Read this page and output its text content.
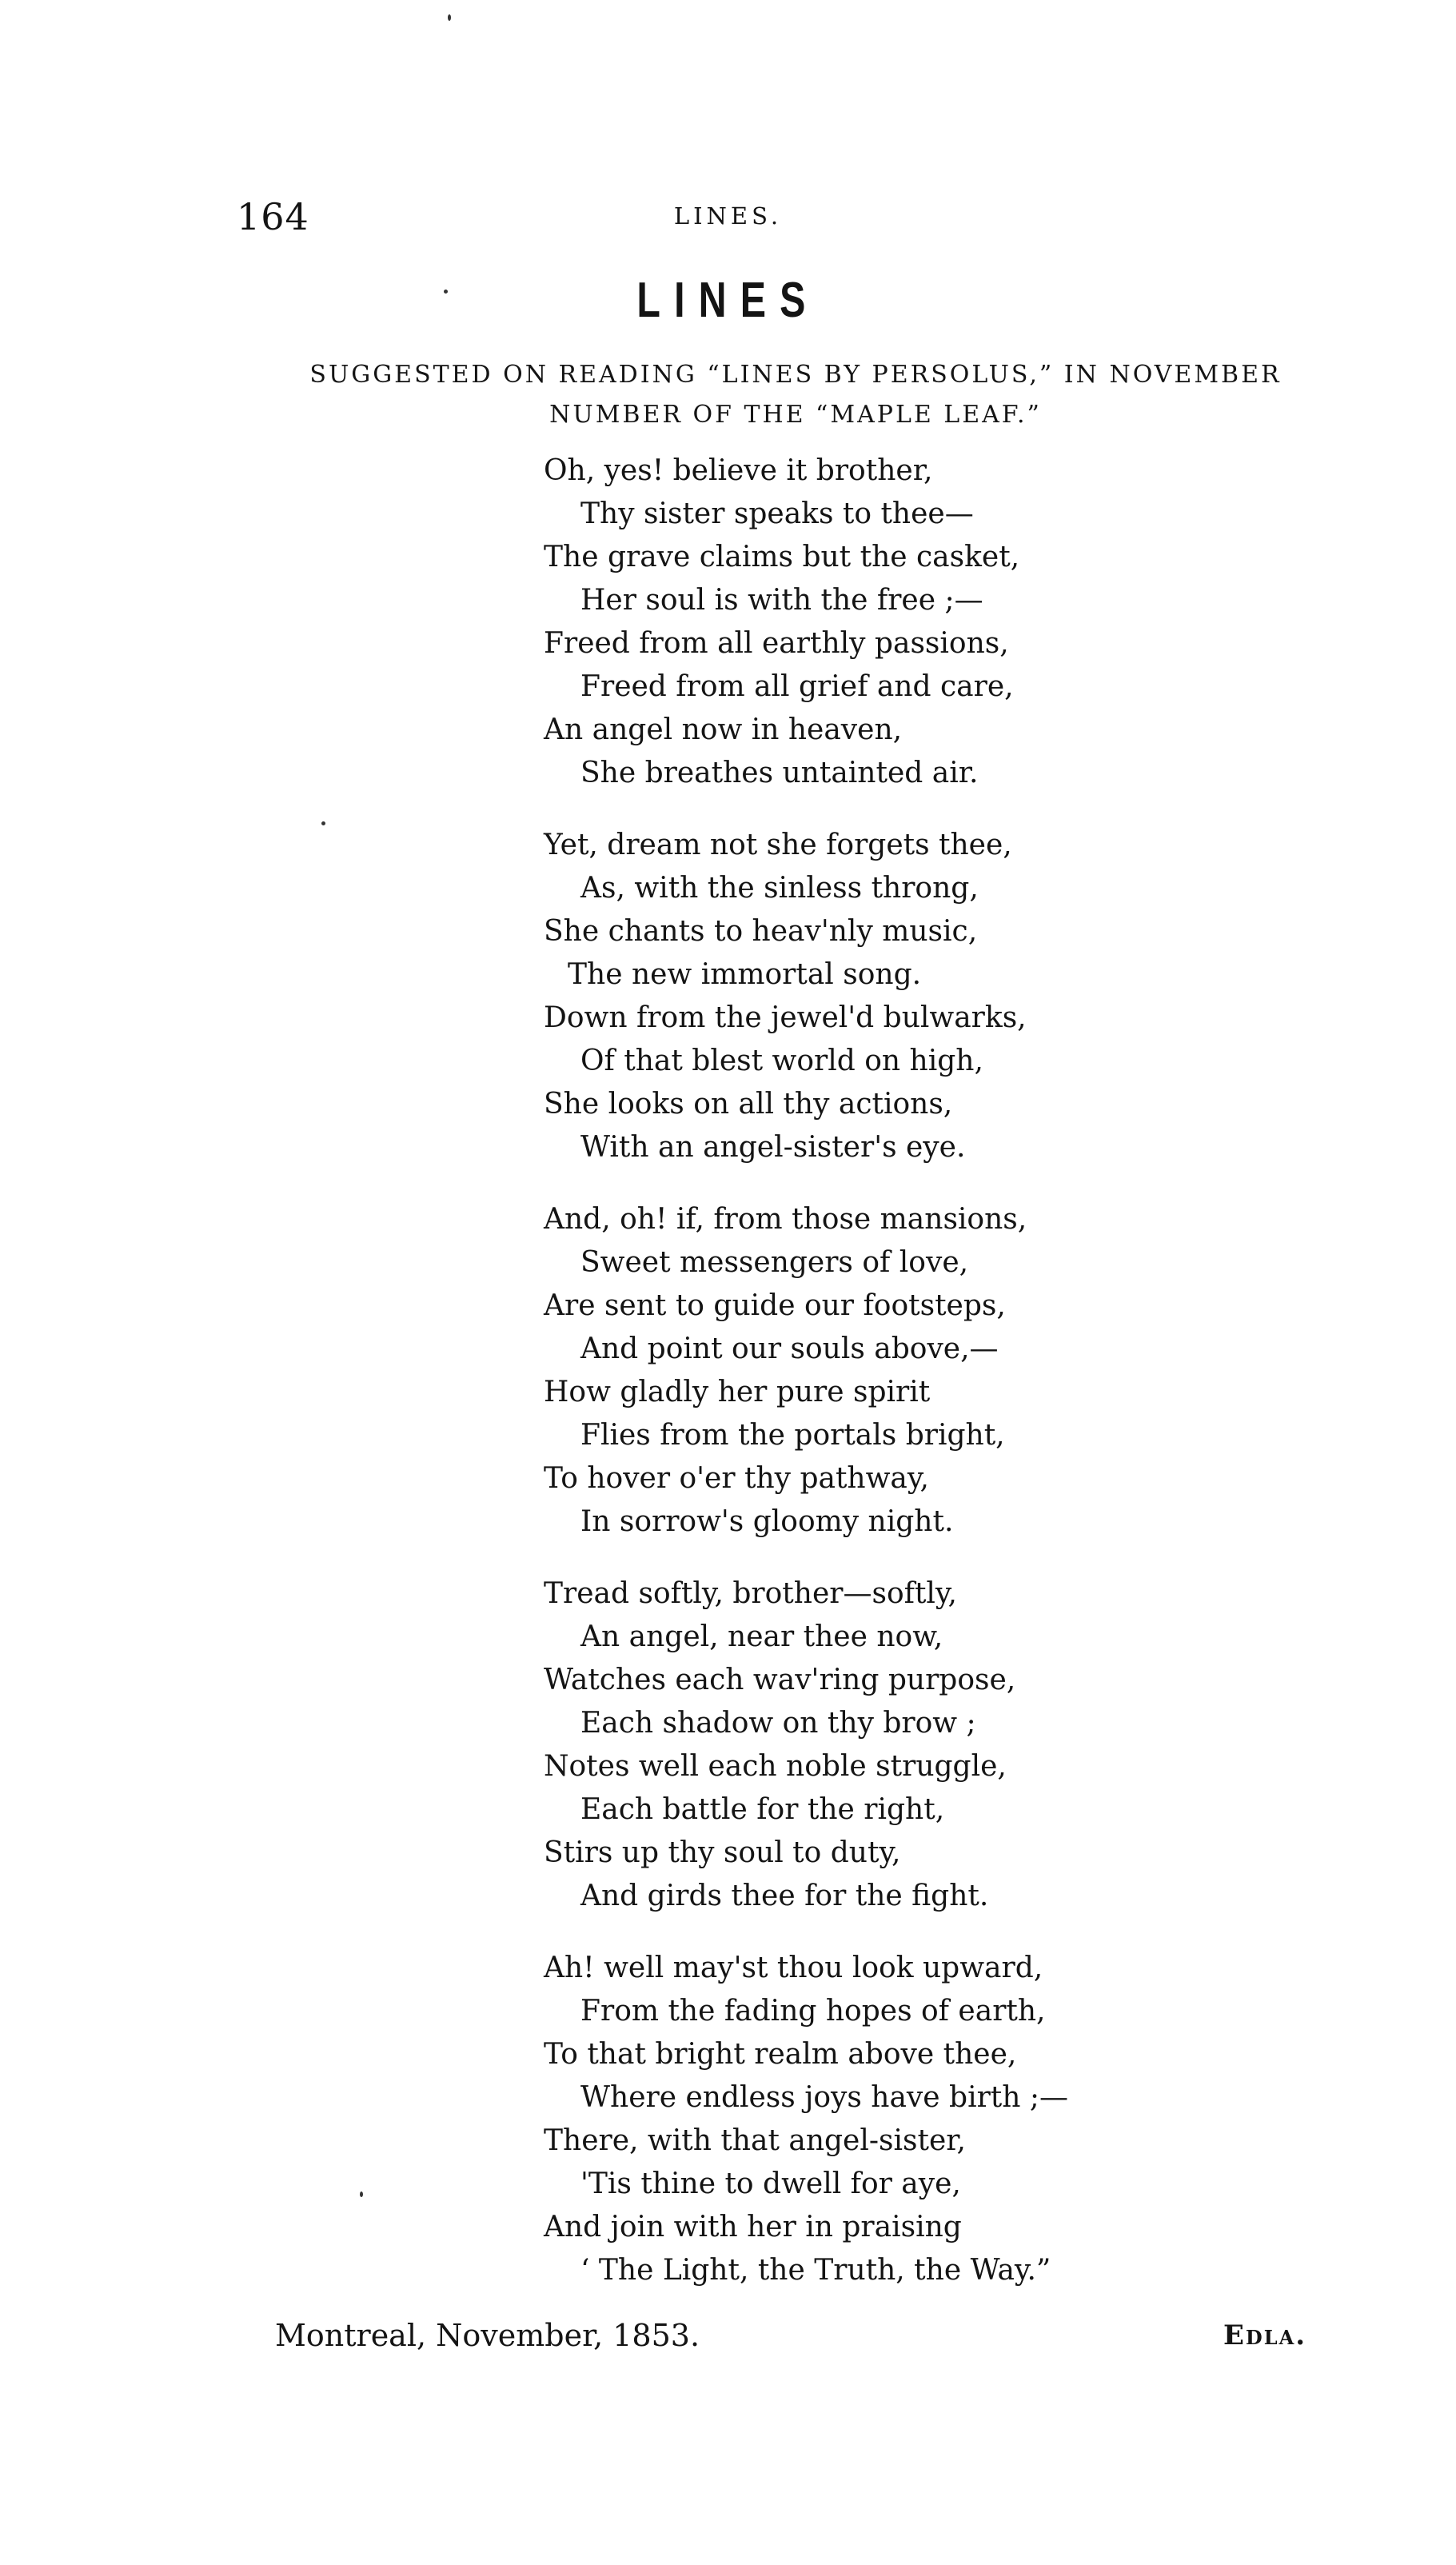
164	LINES.
LINES
SUGGESTED ON READING “LINES BY PERSOLUS,” IN NOVEMBER NUMBER OF THE “MAPLE LEAF.”
Oh, yes! believe it brother,
Thy sister speaks to thee—
The grave claims but the casket,
Her soul is with the free ;—
Freed from all earthly passions,
Freed from all grief and care,
An angel now in heaven,
She breathes untainted air.
Yet, dream not she forgets thee,
As, with the sinless throng,
She chants to heav'nly music,
The new immortal song.
Down from the jewel'd bulwarks,
Of that blest world on high,
She looks on all thy actions,
With an angel-sister's eye.
And, oh! if, from those mansions,
Sweet messengers of love,
Are sent to guide our footsteps,
And point our souls above,—
How gladly her pure spirit
Flies from the portals bright,
To hover o'er thy pathway,
In sorrow's gloomy night.
Tread softly, brother—softly,
An angel, near thee now,
Watches each wav'ring purpose,
Each shadow on thy brow ;
Notes well each noble struggle,
Each battle for the right,
Stirs up thy soul to duty,
And girds thee for the fight.
Ah! well may'st thou look upward,
From the fading hopes of earth,
To that bright realm above thee,
Where endless joys have birth ;—
There, with that angel-sister,
'Tis thine to dwell for aye,
And join with her in praising
‘ The Light, the Truth, the Way.”
Montreal, November, 1853.	Edla.
